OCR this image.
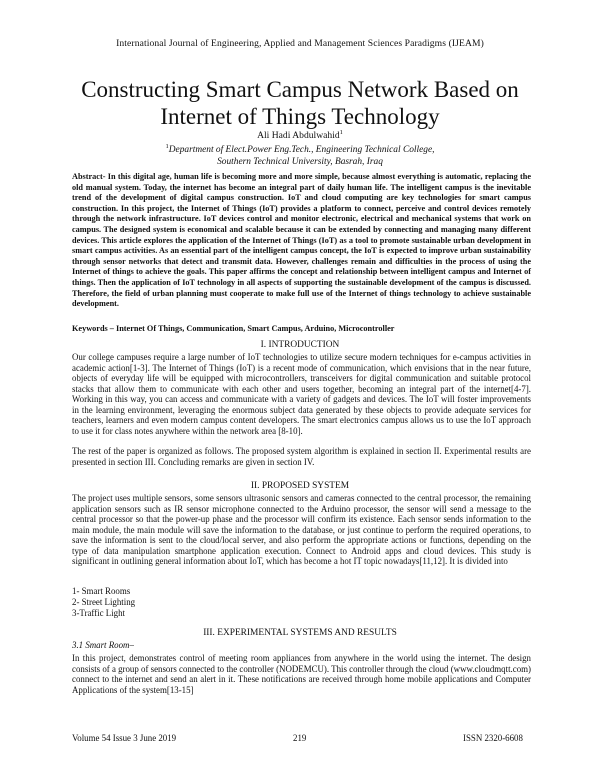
International Journal of Engineering, Applied and Management Sciences Paradigms (IJEAM)
Constructing Smart Campus Network Based on
Internet of Things Technology
Ali Hadi Abdulwahid$^1$
$^1$Department of Elect.Power Eng.Tech., Engineering Technical College,
Southern Technical University, Basrah, Iraq

Abstract- In this digital age, human life is becoming more and more simple, because almost everything is automatic, replacing the old manual system. Today, the internet has become an integral part of daily human life. The intelligent campus is the inevitable trend of the development of digital campus construction. IoT and cloud computing are key technologies for smart campus construction. In this project, the Internet of Things (IoT) provides a platform to connect, perceive and control devices remotely through the network infrastructure. IoT devices control and monitor electronic, electrical and mechanical systems that work on campus. The designed system is economical and scalable because it can be extended by connecting and managing many different devices. This article explores the application of the Internet of Things (IoT) as a tool to promote sustainable urban development in smart campus activities. As an essential part of the intelligent campus concept, the IoT is expected to improve urban sustainability through sensor networks that detect and transmit data. However, challenges remain and difficulties in the process of using the Internet of things to achieve the goals. This paper affirms the concept and relationship between intelligent campus and Internet of things. Then the application of IoT technology in all aspects of supporting the sustainable development of the campus is discussed. Therefore, the field of urban planning must cooperate to make full use of the Internet of things technology to achieve sustainable development.

Keywords – Internet Of Things, Communication, Smart Campus, Arduino, Microcontroller

I. INTRODUCTION

Our college campuses require a large number of IoT technologies to utilize secure modern techniques for e-campus activities in academic action[1-3]. The Internet of Things (IoT) is a recent mode of communication, which envisions that in the near future, objects of everyday life will be equipped with microcontrollers, transceivers for digital communication and suitable protocol stacks that allow them to communicate with each other and users together, becoming an integral part of the internet[4-7]. Working in this way, you can access and communicate with a variety of gadgets and devices. The IoT will foster improvements in the learning environment, leveraging the enormous subject data generated by these objects to provide adequate services for teachers, learners and even modern campus content developers. The smart electronics campus allows us to use the IoT approach to use it for class notes anywhere within the network area [8-10].

The rest of the paper is organized as follows. The proposed system algorithm is explained in section II. Experimental results are presented in section III. Concluding remarks are given in section IV.

II. PROPOSED SYSTEM

The project uses multiple sensors, some sensors ultrasonic sensors and cameras connected to the central processor, the remaining application sensors such as IR sensor microphone connected to the Arduino processor, the sensor will send a message to the central processor so that the power-up phase and the processor will confirm its existence. Each sensor sends information to the main module, the main module will save the information to the database, or just continue to perform the required operations, to save the information is sent to the cloud/local server, and also perform the appropriate actions or functions, depending on the type of data manipulation smartphone application execution. Connect to Android apps and cloud devices. This study is significant in outlining general information about IoT, which has become a hot IT topic nowadays[11,12]. It is divided into

1- Smart Rooms

2- Street Lighting

3-Traffic Light

III. EXPERIMENTAL SYSTEMS AND RESULTS

3.1 Smart Room–

In this project, demonstrates control of meeting room appliances from anywhere in the world using the internet. The design consists of a group of sensors connected to the controller (NODEMCU). This controller through the cloud (www.cloudmqtt.com) connect to the internet and send an alert in it. These notifications are received through home mobile applications and Computer Applications of the system[13-15]

Volume 54 Issue 3 June 2019	219	ISSN 2320-6608
